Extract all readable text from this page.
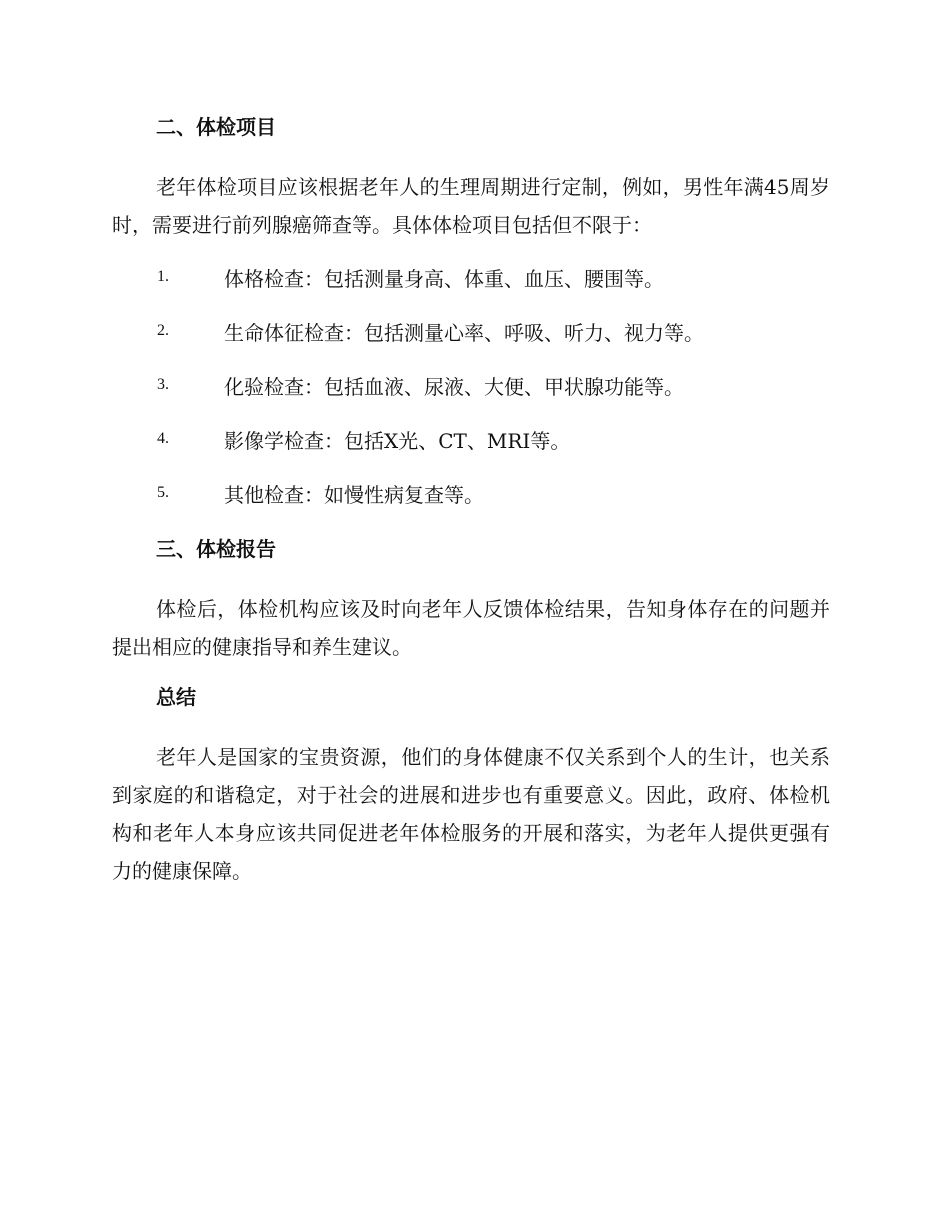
二、体检项目

老年体检项目应该根据老年人的生理周期进行定制，例如，男性年满45周岁时，需要进行前列腺癌筛查等。具体体检项目包括但不限于：

1.	体格检查：包括测量身高、体重、血压、腰围等。
2.	生命体征检查：包括测量心率、呼吸、听力、视力等。
3.	化验检查：包括血液、尿液、大便、甲状腺功能等。
4.	影像学检查：包括X光、CT、MRI等。
5.	其他检查：如慢性病复查等。
三、体检报告

体检后，体检机构应该及时向老年人反馈体检结果，告知身体存在的问题并提出相应的健康指导和养生建议。

总结

老年人是国家的宝贵资源，他们的身体健康不仅关系到个人的生计，也关系到家庭的和谐稳定，对于社会的进展和进步也有重要意义。因此，政府、体检机构和老年人本身应该共同促进老年体检服务的开展和落实，为老年人提供更强有力的健康保障。
